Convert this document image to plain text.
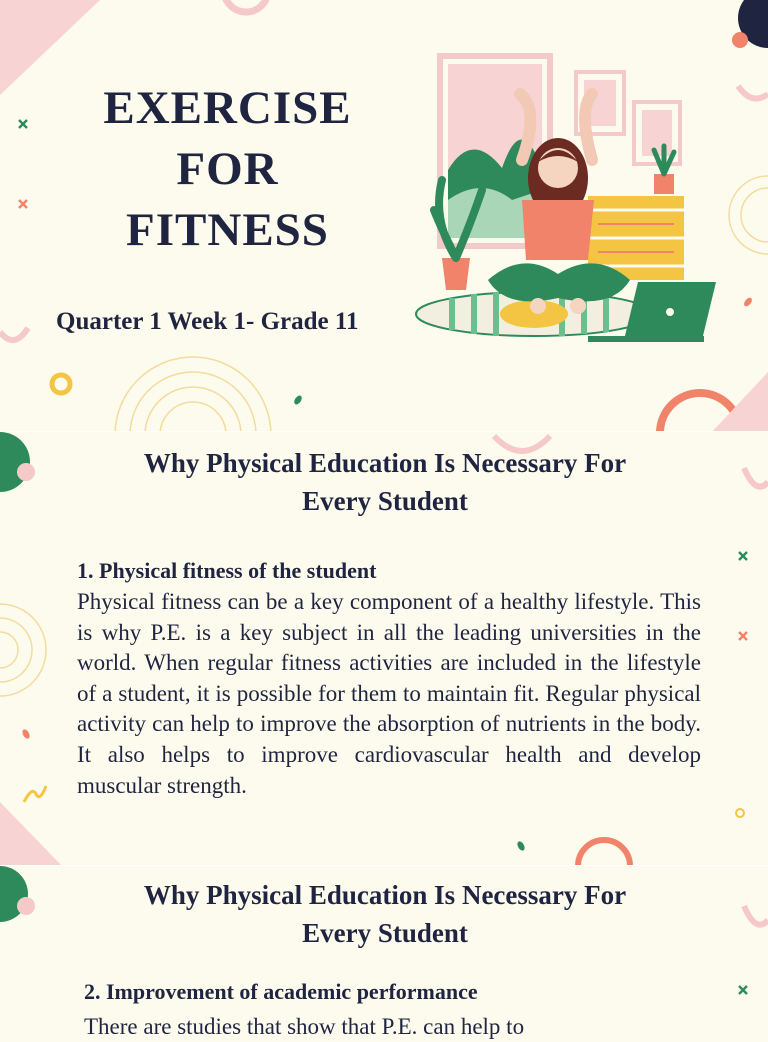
EXERCISE
FOR
FITNESS
Quarter 1 Week 1- Grade 11
Why Physical Education Is Necessary For
Every Student
1. Physical fitness of the student

Physical fitness can be a key component of a healthy lifestyle. This is why P.E. is a key subject in all the leading universities in the world. When regular fitness activities are included in the lifestyle of a student, it is possible for them to maintain fit. Regular physical activity can help to improve the absorption of nutrients in the body. It also helps to improve cardiovascular health and develop muscular strength.

Why Physical Education Is Necessary For
Every Student
2. Improvement of academic performance
There are studies that show that P.E. can help to
